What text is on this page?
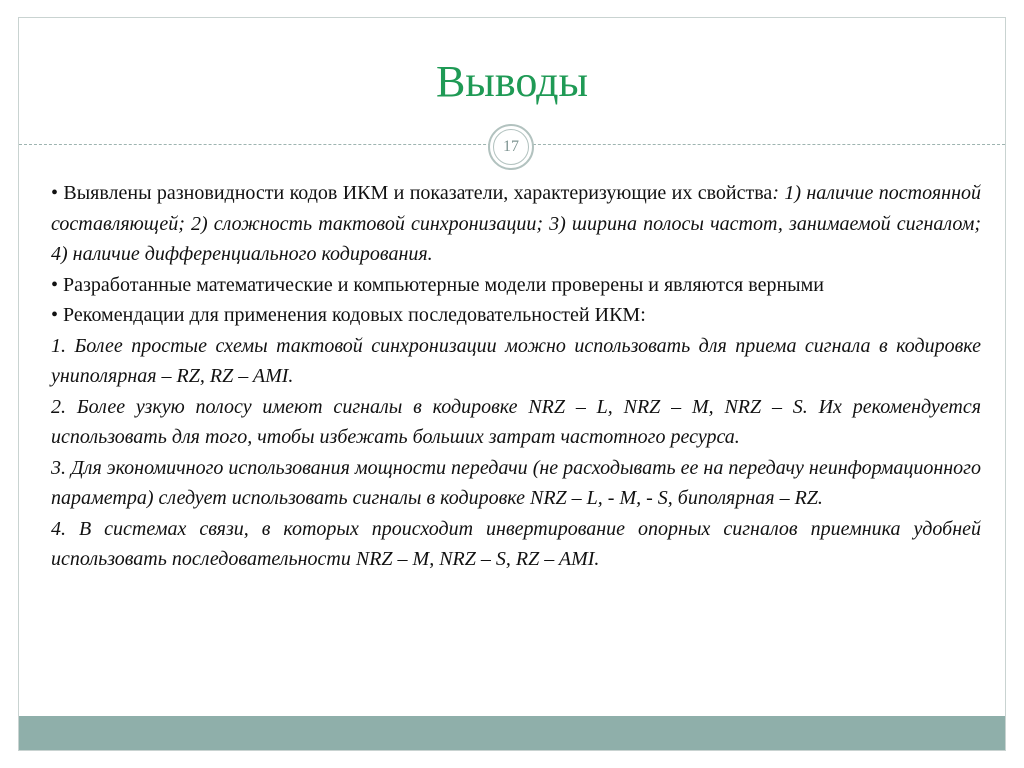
Выводы
17

• Выявлены разновидности кодов ИКМ и показатели, характеризующие их свойства: 1) наличие постоянной составляющей; 2) сложность тактовой синхронизации; 3) ширина полосы частот, занимаемой сигналом; 4) наличие дифференциального кодирования.

• Разработанные математические и компьютерные модели проверены и являются верными

• Рекомендации для применения кодовых последовательностей ИКМ:

1. Более простые схемы тактовой синхронизации можно использовать для приема сигнала в кодировке униполярная – RZ, RZ – AMI.

2. Более узкую полосу имеют сигналы в кодировке NRZ – L, NRZ – M, NRZ – S. Их рекомендуется использовать для того, чтобы избежать больших затрат частотного ресурса.

3. Для экономичного использования мощности передачи (не расходывать ее на передачу неинформационного параметра) следует использовать сигналы в кодировке NRZ – L, - M, - S, биполярная – RZ.

4. В системах связи, в которых происходит инвертирование опорных сигналов приемника удобней использовать последовательности NRZ – M, NRZ – S, RZ – AMI.
